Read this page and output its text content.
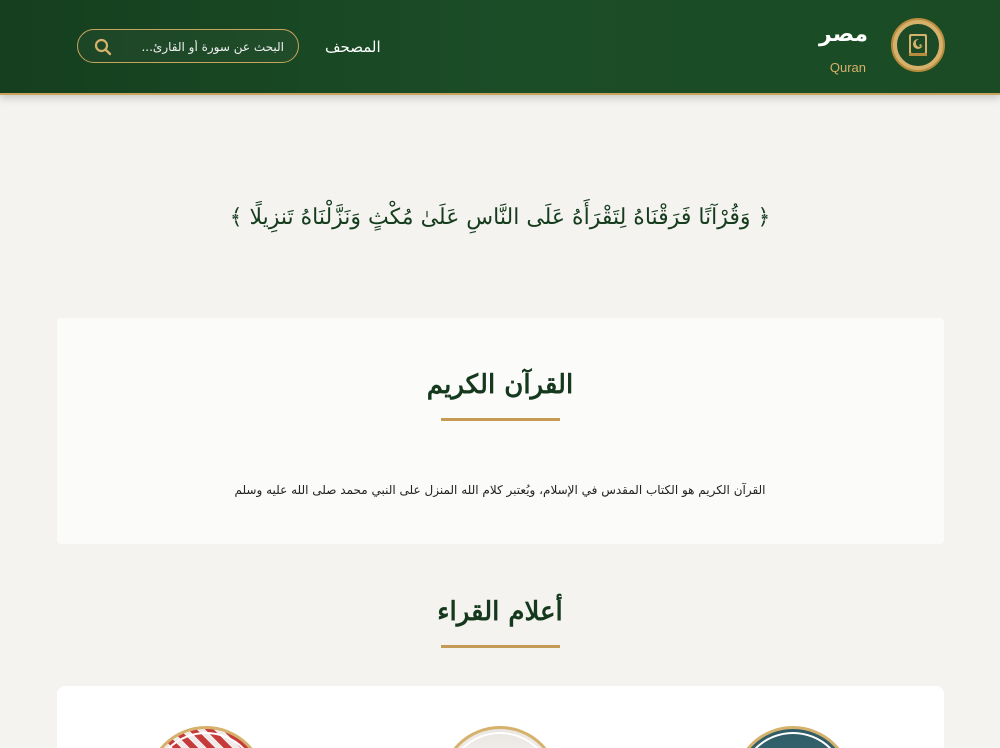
مصر
Quran
المصحف
البحث عن سورة أو القارئ...
﴿ وَقُرْآنًا فَرَقْنَاهُ لِتَقْرَأَهُ عَلَى النَّاسِ عَلَىٰ مُكْثٍ وَنَزَّلْنَاهُ تَنزِيلًا ﴾
القرآن الكريم

القرآن الكريم هو الكتاب المقدس في الإسلام، ويُعتبر كلام الله المنزل على النبي محمد صلى الله عليه وسلم

أعلام القراء
